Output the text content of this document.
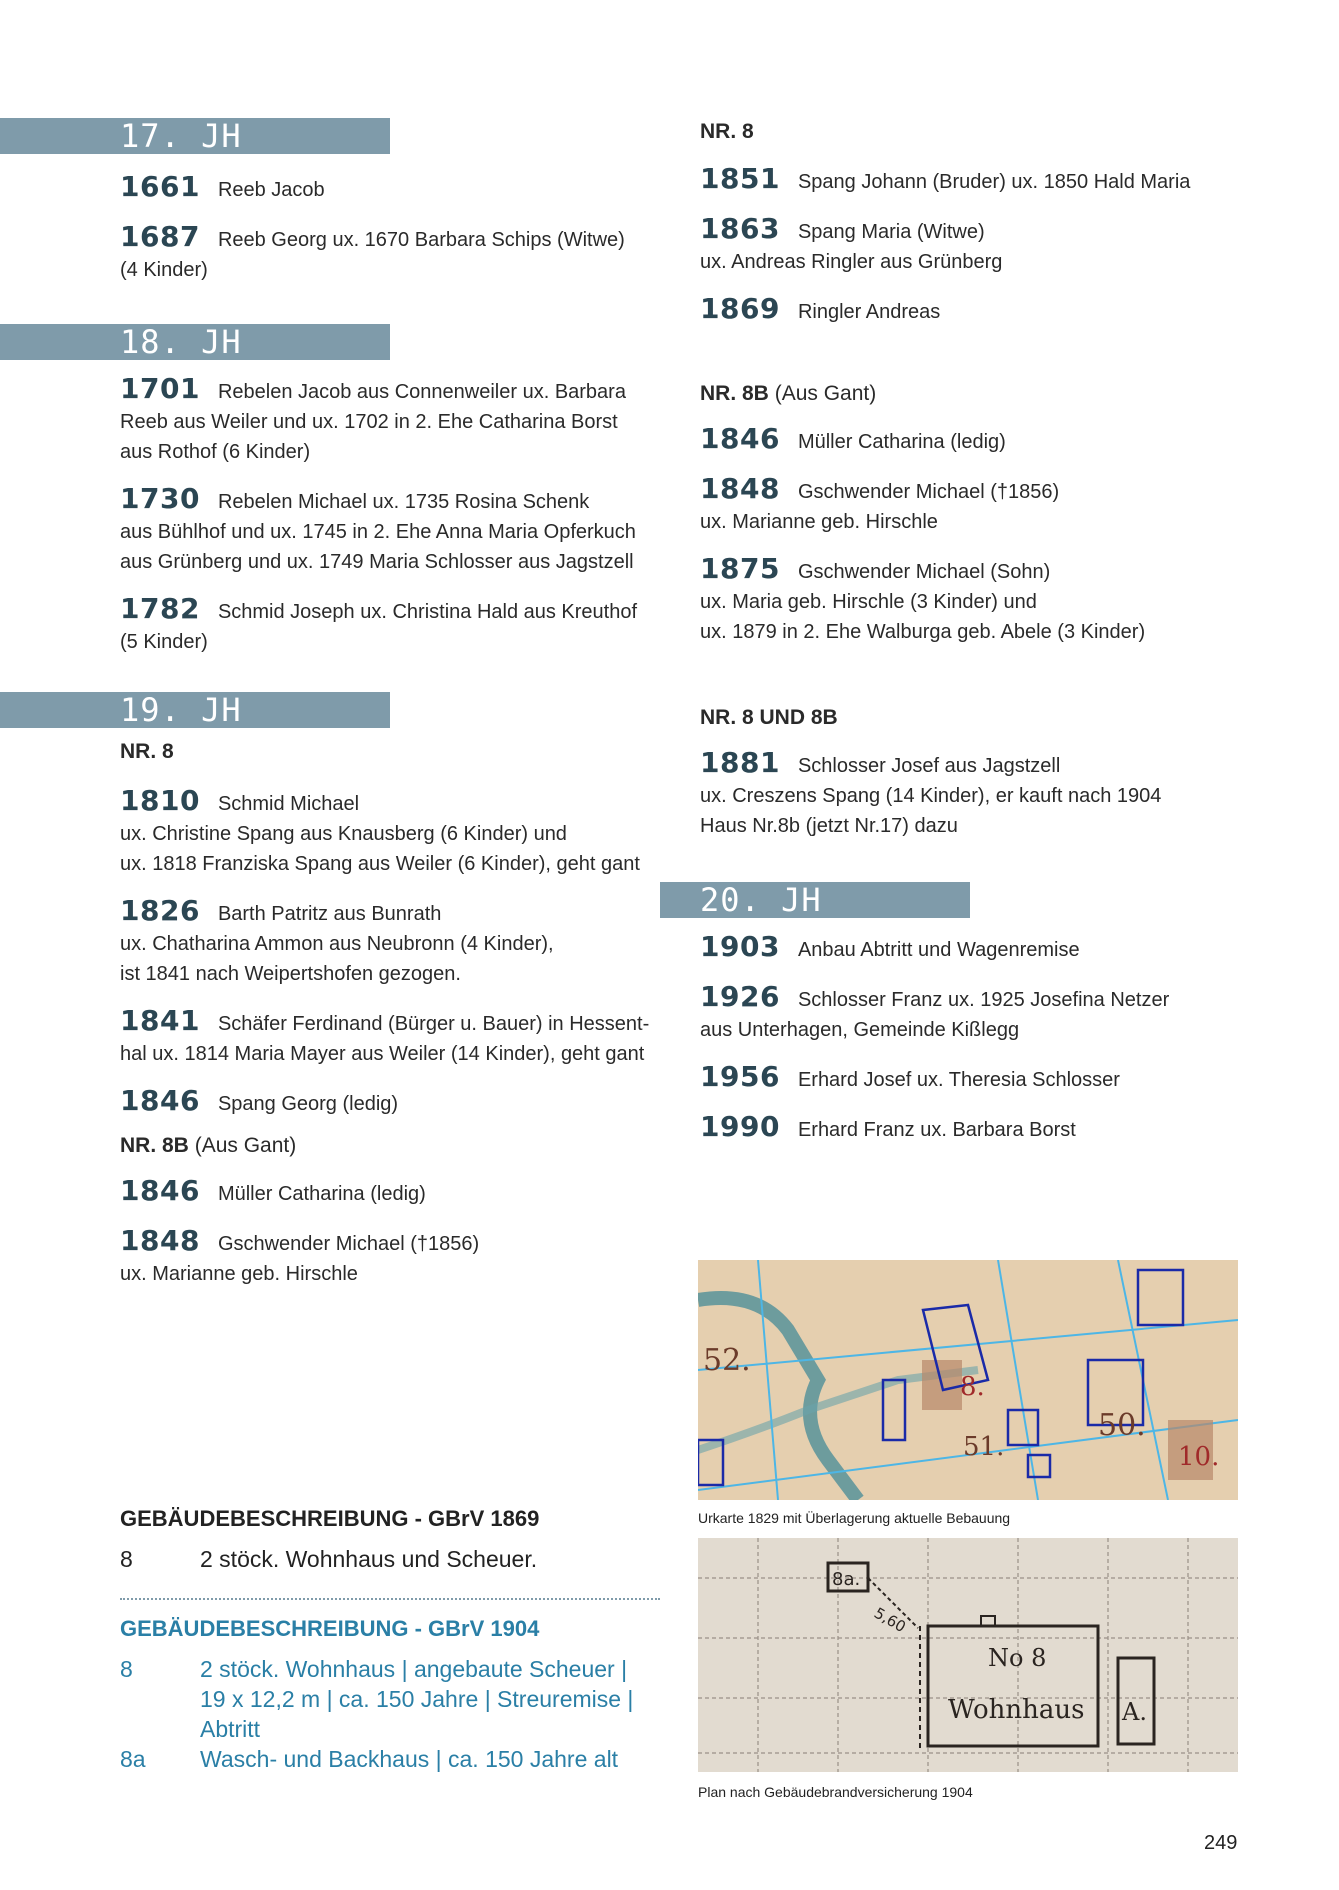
17. JH
1661 Reeb Jacob
1687 Reeb Georg ux. 1670 Barbara Schips (Witwe)
(4 Kinder)
18. JH
1701 Rebelen Jacob aus Connenweiler ux. Barbara
Reeb aus Weiler und ux. 1702 in 2. Ehe Catharina Borst
aus Rothof (6 Kinder)
1730 Rebelen Michael ux. 1735 Rosina Schenk
aus Bühlhof und ux. 1745 in 2. Ehe Anna Maria Opferkuch
aus Grünberg und ux. 1749 Maria Schlosser aus Jagstzell
1782 Schmid Joseph ux. Christina Hald aus Kreuthof
(5 Kinder)
19. JH
NR. 8
1810 Schmid Michael
ux. Christine Spang aus Knausberg (6 Kinder) und
ux. 1818 Franziska Spang aus Weiler (6 Kinder), geht gant
1826 Barth Patritz aus Bunrath
ux. Chatharina Ammon aus Neubronn (4 Kinder),
ist 1841 nach Weipertshofen gezogen.
1841 Schäfer Ferdinand (Bürger u. Bauer) in Hessent-
hal ux. 1814 Maria Mayer aus Weiler (14 Kinder), geht gant
1846 Spang Georg (ledig)
NR. 8B (Aus Gant)
1846 Müller Catharina (ledig)
1848 Gschwender Michael (†1856)
ux. Marianne geb. Hirschle
NR. 8
1851 Spang Johann (Bruder) ux. 1850 Hald Maria
1863 Spang Maria (Witwe)
ux. Andreas Ringler aus Grünberg
1869 Ringler Andreas
NR. 8B (Aus Gant)
1846 Müller Catharina (ledig)
1848 Gschwender Michael (†1856)
ux. Marianne geb. Hirschle
1875 Gschwender Michael (Sohn)
ux. Maria geb. Hirschle (3 Kinder) und
ux. 1879 in 2. Ehe Walburga geb. Abele (3 Kinder)
NR. 8 UND 8B
1881 Schlosser Josef aus Jagstzell
ux. Creszens Spang (14 Kinder), er kauft nach 1904
Haus Nr.8b (jetzt Nr.17) dazu
20. JH
1903 Anbau Abtritt und Wagenremise
1926 Schlosser Franz ux. 1925 Josefina Netzer
aus Unterhagen, Gemeinde Kißlegg
1956 Erhard Josef ux. Theresia Schlosser
1990 Erhard Franz ux. Barbara Borst
52.
8.
51.
50.
10.
Urkarte 1829 mit Überlagerung aktuelle Bebauung
8a.
5,60
No 8
Wohnhaus A.
Plan nach Gebäudebrandversicherung 1904
GEBÄUDEBESCHREIBUNG - GBrV 1869
8	2 stöck. Wohnhaus und Scheuer.
GEBÄUDEBESCHREIBUNG - GBrV 1904
8	2 stöck. Wohnhaus | angebaute Scheuer | 19 x 12,2 m | ca. 150 Jahre | Streuremise | Abtritt
8a Wasch- und Backhaus | ca. 150 Jahre alt
249
